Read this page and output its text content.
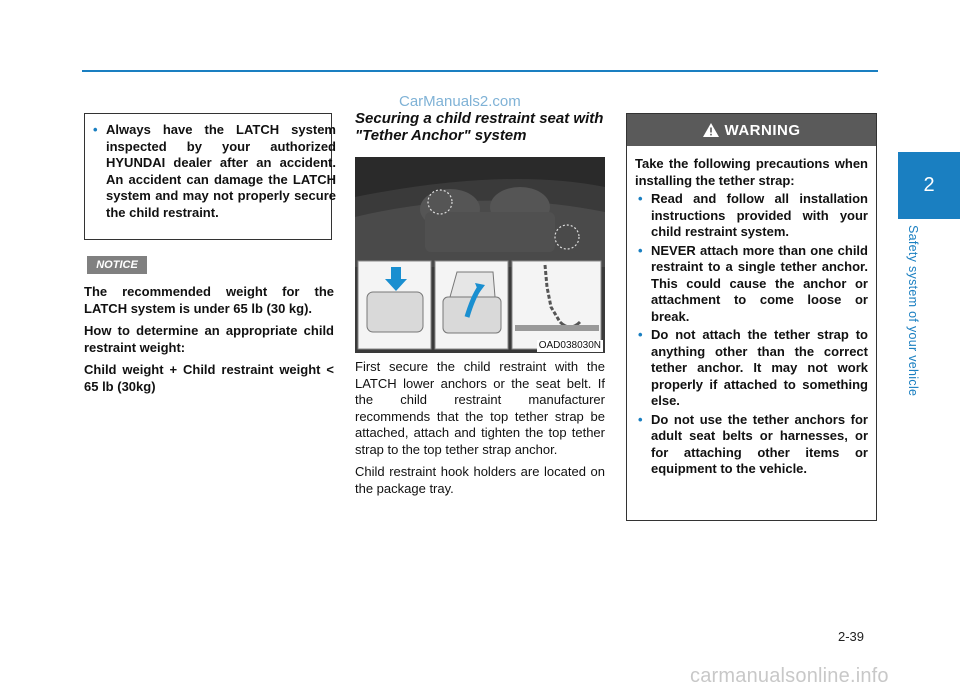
CarManuals2.com
• Always have the LATCH system inspected by your authorized HYUNDAI dealer after an accident. An accident can damage the LATCH system and may not properly secure the child restraint.
NOTICE

The recommended weight for the LATCH system is under 65 lb (30 kg).

How to determine an appropriate child restraint weight:

Child weight + Child restraint weight < 65 lb (30kg)

Securing a child restraint seat with "Tether Anchor" system
OAD038030N

First secure the child restraint with the LATCH lower anchors or the seat belt. If the child restraint manufacturer recommends that the top tether strap be attached, attach and tighten the top tether strap to the top tether strap anchor.

Child restraint hook holders are located on the package tray.

WARNING
Take the following precautions when installing the tether strap:
• Read and follow all installation instructions provided with your child restraint system.
• NEVER attach more than one child restraint to a single tether anchor. This could cause the anchor or attachment to come loose or break.
• Do not attach the tether strap to anything other than the correct tether anchor. It may not work properly if attached to something else.
• Do not use the tether anchors for adult seat belts or harnesses, or for attaching other items or equipment to the vehicle.
2
Safety system of your vehicle
2-39
carmanualsonline.info
